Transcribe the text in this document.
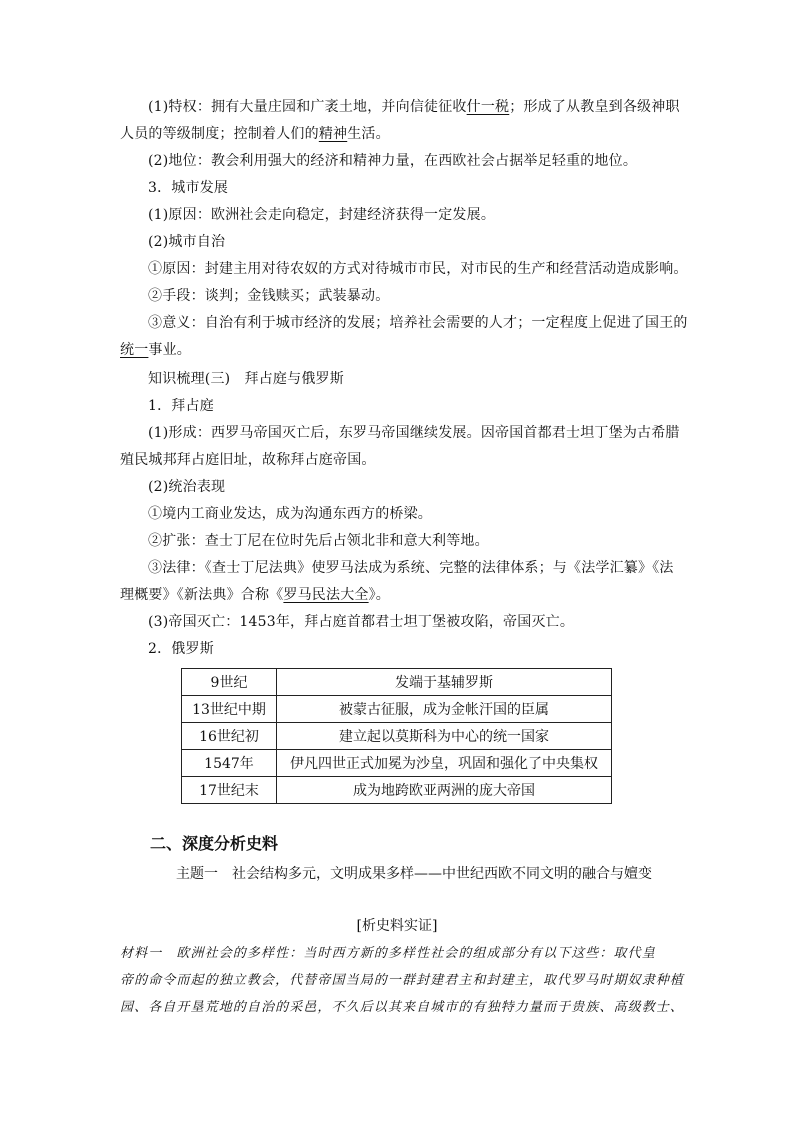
(1)特权：拥有大量庄园和广袤土地，并向信徒征收什一税；形成了从教皇到各级神职
人员的等级制度；控制着人们的精神生活。
(2)地位：教会利用强大的经济和精神力量，在西欧社会占据举足轻重的地位。
3．城市发展
(1)原因：欧洲社会走向稳定，封建经济获得一定发展。
(2)城市自治
①原因：封建主用对待农奴的方式对待城市市民，对市民的生产和经营活动造成影响。
②手段：谈判；金钱赎买；武装暴动。
③意义：自治有利于城市经济的发展；培养社会需要的人才；一定程度上促进了国王的
统一事业。
知识梳理(三)　拜占庭与俄罗斯
1．拜占庭
(1)形成：西罗马帝国灭亡后，东罗马帝国继续发展。因帝国首都君士坦丁堡为古希腊
殖民城邦拜占庭旧址，故称拜占庭帝国。
(2)统治表现
①境内工商业发达，成为沟通东西方的桥梁。
②扩张：查士丁尼在位时先后占领北非和意大利等地。
③法律：《查士丁尼法典》使罗马法成为系统、完整的法律体系；与《法学汇纂》《法
理概要》《新法典》合称《罗马民法大全》。
(3)帝国灭亡：1453年，拜占庭首都君士坦丁堡被攻陷，帝国灭亡。
2．俄罗斯
9世纪	发端于基辅罗斯
13世纪中期	被蒙古征服，成为金帐汗国的臣属
16世纪初	建立起以莫斯科为中心的统一国家
1547年	伊凡四世正式加冕为沙皇，巩固和强化了中央集权
17世纪末	成为地跨欧亚两洲的庞大帝国
二、深度分析史料
主题一　社会结构多元，文明成果多样——中世纪西欧不同文明的融合与嬗变
[析史料实证]
材料一　欧洲社会的多样性：当时西方新的多样性社会的组成部分有以下这些：取代皇
帝的命令而起的独立教会，代替帝国当局的一群封建君主和封建主，取代罗马时期奴隶种植
园、各自开垦荒地的自治的采邑，不久后以其来自城市的有独特力量而于贵族、高级教士、
